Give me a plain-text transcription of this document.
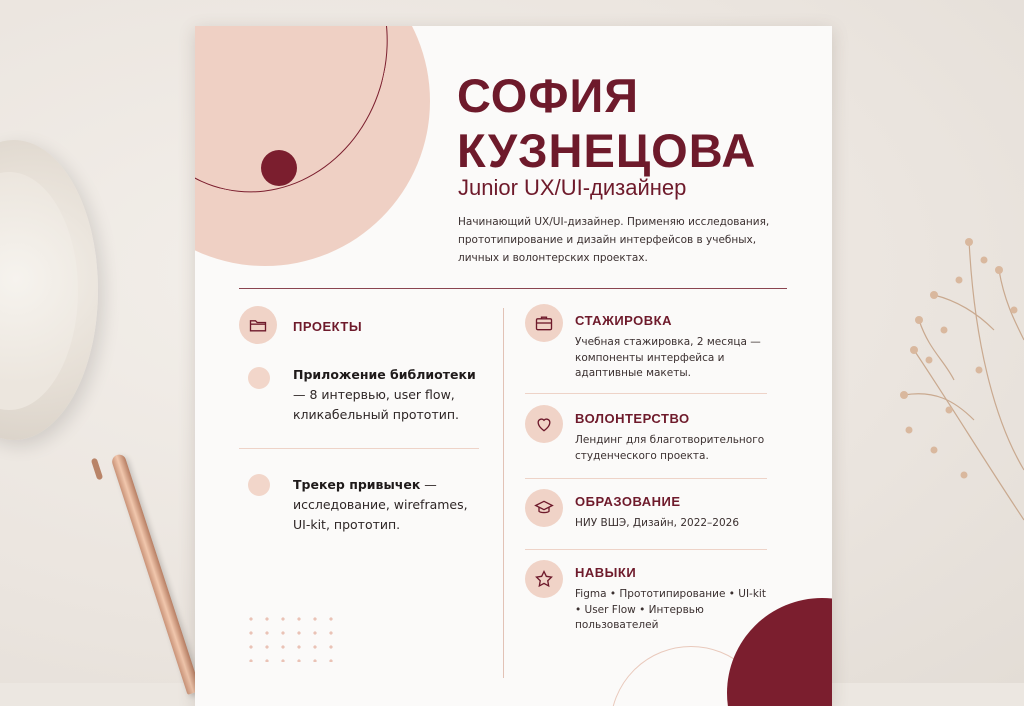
СОФИЯ
КУЗНЕЦОВА
Junior UX/UI-дизайнер
Начинающий UX/UI-дизайнер. Применяю исследования, прототипирование и дизайн интерфейсов в учебных, личных и волонтерских проектах.
ПРОЕКТЫ
Приложение библиотеки — 8 интервью, user flow, кликабельный прототип.
Трекер привычек — исследование, wireframes, UI-kit, прототип.
СТАЖИРОВКА
Учебная стажировка, 2 месяца — компоненты интерфейса и адаптивные макеты.
ВОЛОНТЕРСТВО
Лендинг для благотворительного студенческого проекта.
ОБРАЗОВАНИЕ
НИУ ВШЭ, Дизайн, 2022–2026
НАВЫКИ
Figma • Прототипирование • UI-kit • User Flow • Интервью пользователей
